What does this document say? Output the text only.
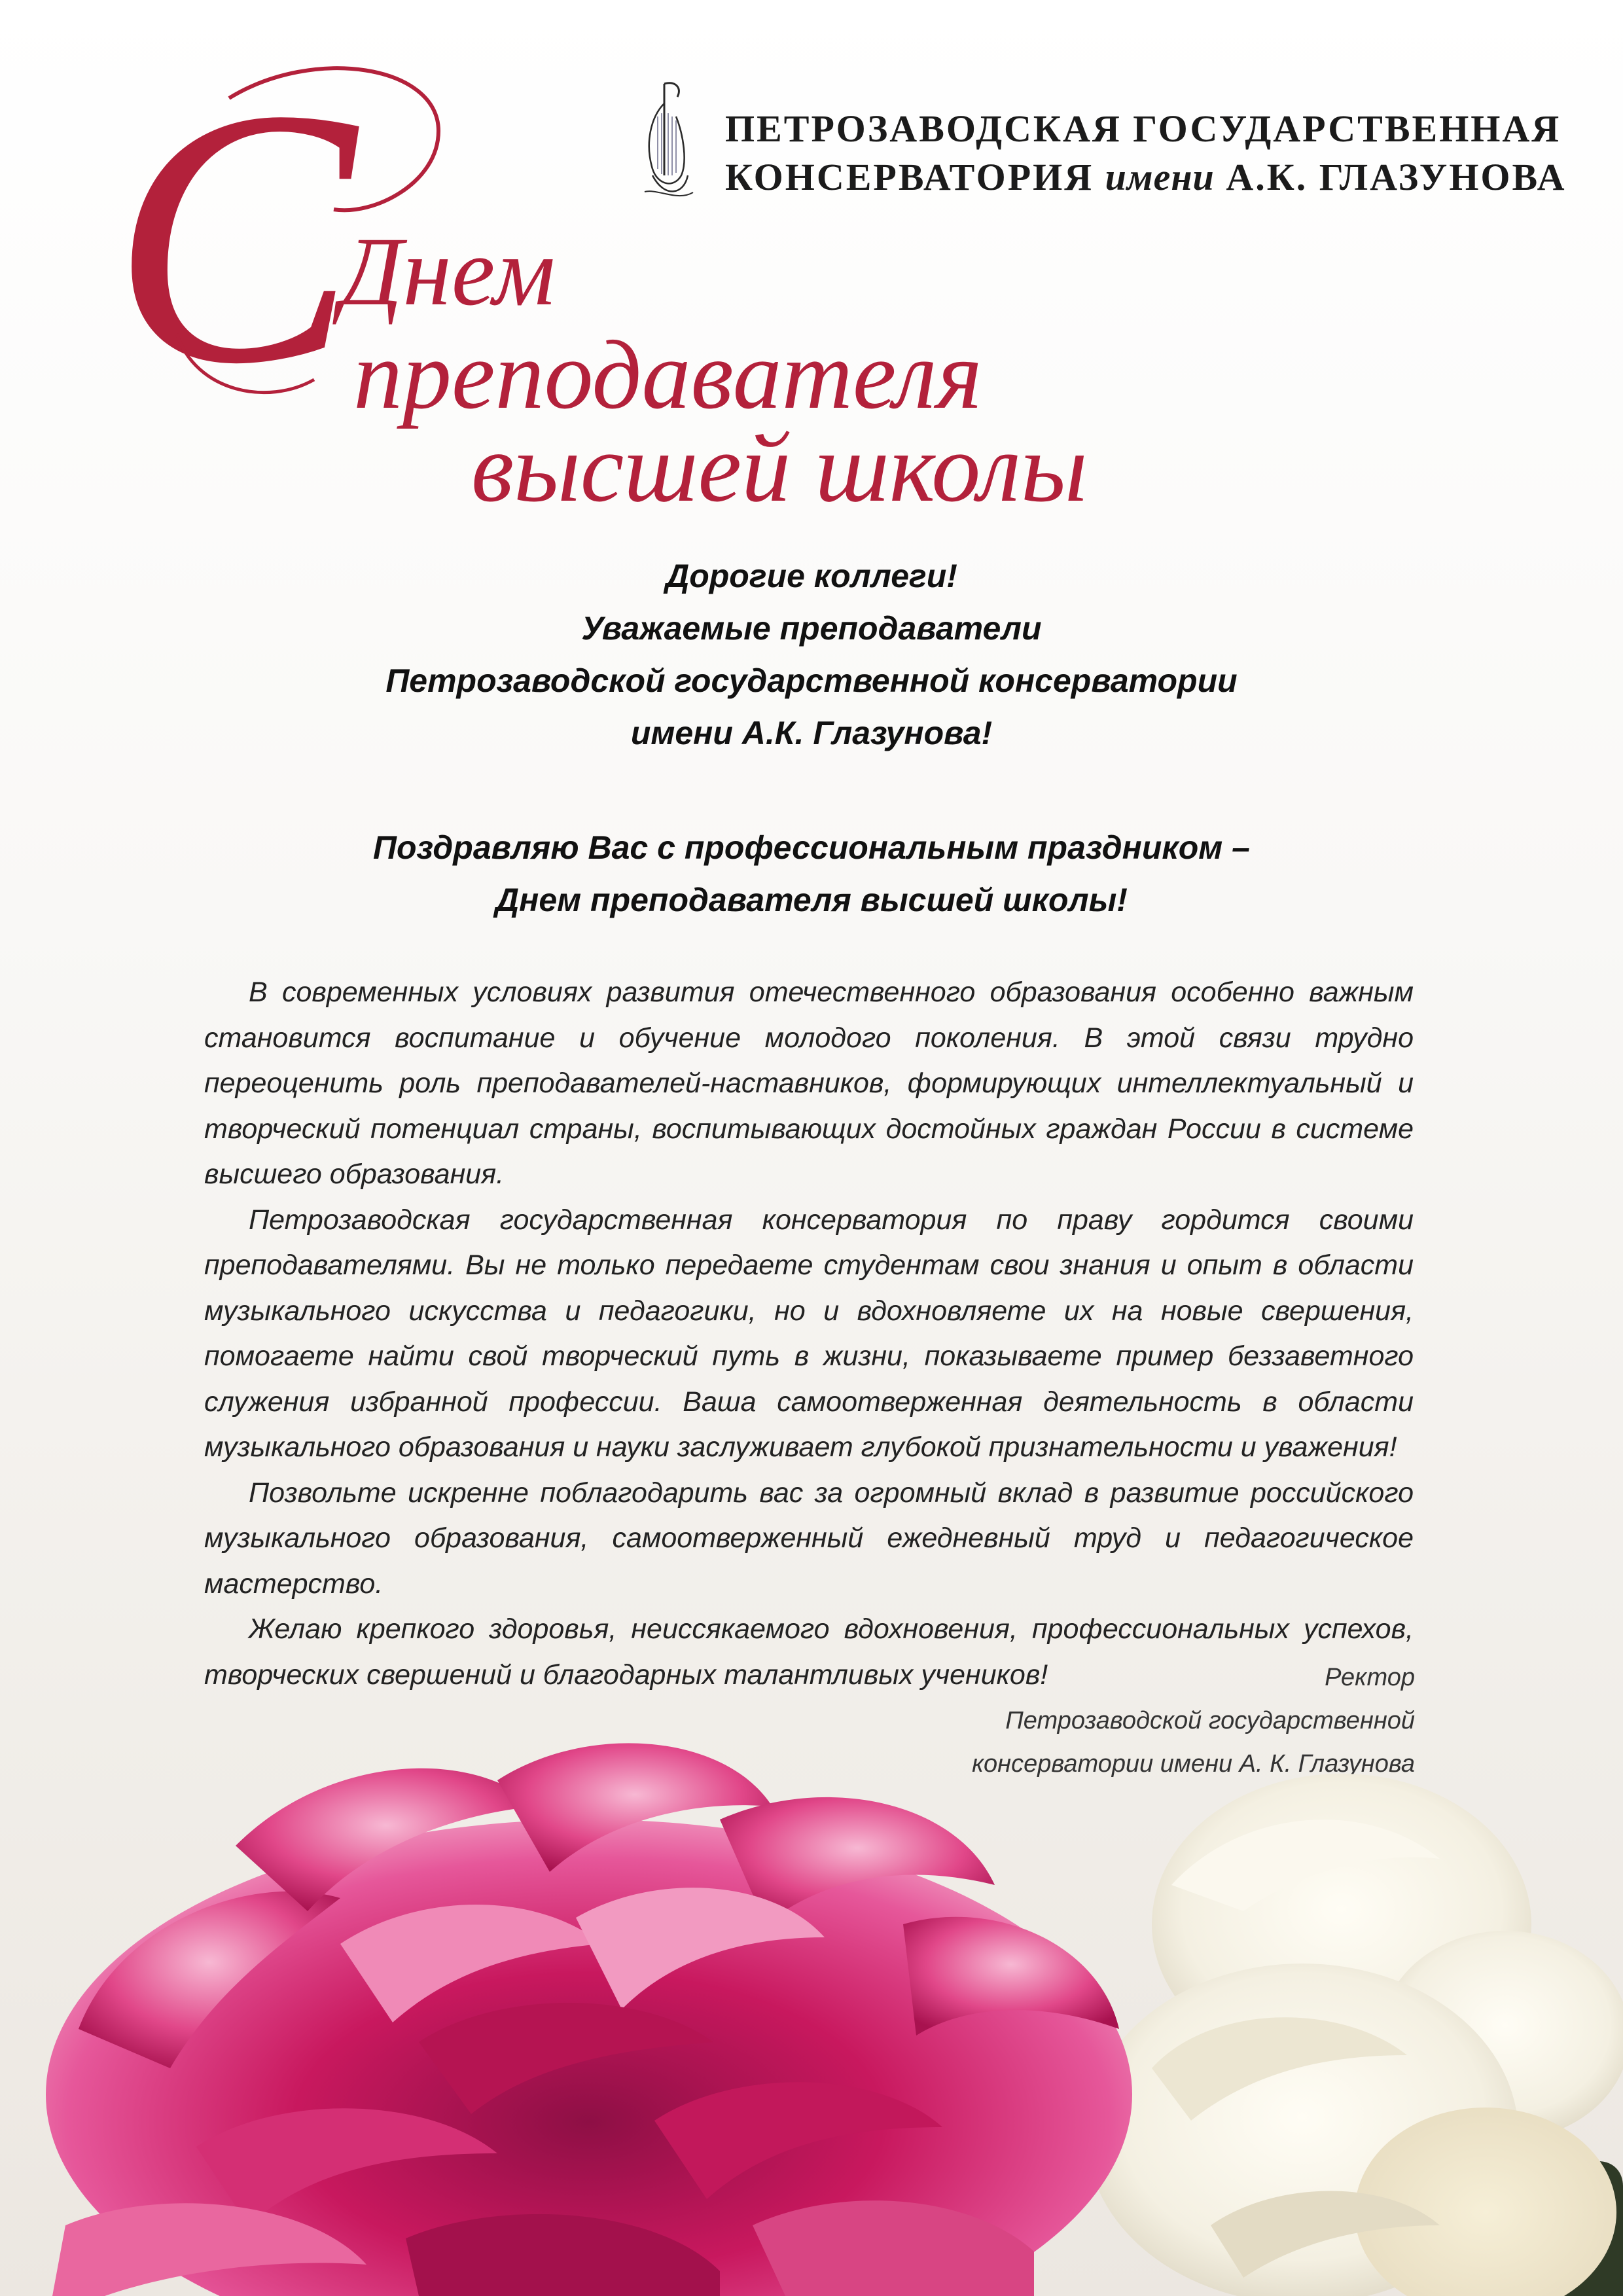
ПЕТРОЗАВОДСКАЯ ГОСУДАРСТВЕННАЯ
КОНСЕРВАТОРИЯ имени А.К. ГЛАЗУНОВА
С
Днем
преподавателя
высшей школы
Дорогие коллеги!
Уважаемые преподаватели
Петрозаводской государственной консерватории
имени А.К. Глазунова!
Поздравляю Вас с профессиональным праздником –
Днем преподавателя высшей школы!

В современных условиях развития отечественного образования особенно важным становится воспитание и обучение молодого поколения. В этой связи трудно переоценить роль преподавателей-наставников, формирующих интеллектуальный и творческий потенциал страны, воспитывающих достойных граждан России в системе высшего образования.

Петрозаводская государственная консерватория по праву гордится своими преподавателями. Вы не только передаете студентам свои знания и опыт в области музыкального искусства и педагогики, но и вдохновляете их на новые свершения, помогаете найти свой творческий путь в жизни, показываете пример беззаветного служения избранной профессии. Ваша самоотверженная деятельность в области музыкального образования и науки заслуживает глубокой признательности и уважения!

Позвольте искренне поблагодарить вас за огромный вклад в развитие российского музыкального образования, самоотверженный ежедневный труд и педагогическое мастерство.

Желаю крепкого здоровья, неиссякаемого вдохновения, профессиональных успехов, творческих свершений и благодарных талантливых учеников!	Ректор
Петрозаводской государственной
консерватории имени А. К. Глазунова
